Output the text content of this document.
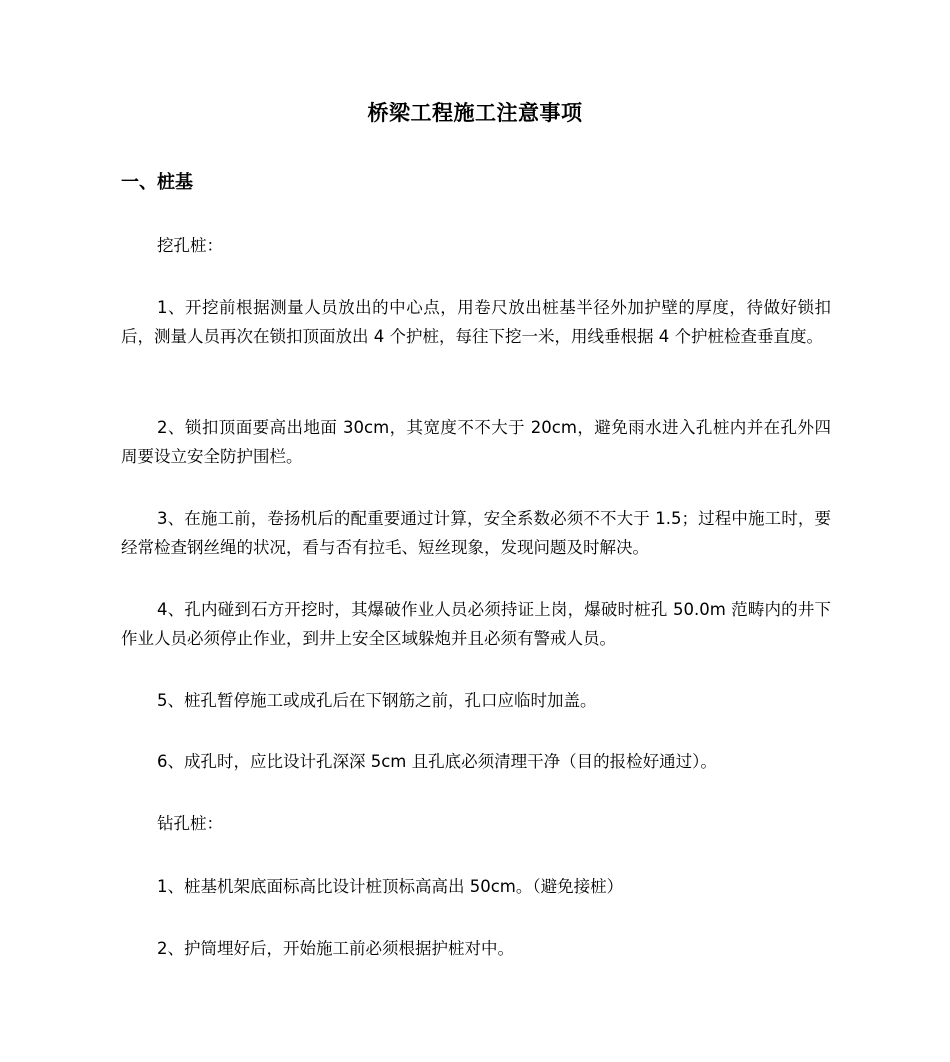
桥梁工程施工注意事项
一、桩基

挖孔桩：

1、开挖前根据测量人员放出的中心点，用卷尺放出桩基半径外加护壁的厚度，待做好锁扣后，测量人员再次在锁扣顶面放出 4 个护桩，每往下挖一米，用线垂根据 4 个护桩检查垂直度。

2、锁扣顶面要高出地面 30cm，其宽度不不大于 20cm，避免雨水进入孔桩内并在孔外四周要设立安全防护围栏。

3、在施工前，卷扬机后的配重要通过计算，安全系数必须不不大于 1.5；过程中施工时，要经常检查钢丝绳的状况，看与否有拉毛、短丝现象，发现问题及时解决。

4、孔内碰到石方开挖时，其爆破作业人员必须持证上岗，爆破时桩孔 50.0m 范畴内的井下作业人员必须停止作业，到井上安全区域躲炮并且必须有警戒人员。

5、桩孔暂停施工或成孔后在下钢筋之前，孔口应临时加盖。

6、成孔时，应比设计孔深深 5cm 且孔底必须清理干净（目的报检好通过）。

钻孔桩：

1、桩基机架底面标高比设计桩顶标高高出 50cm。（避免接桩）

2、护筒埋好后，开始施工前必须根据护桩对中。
